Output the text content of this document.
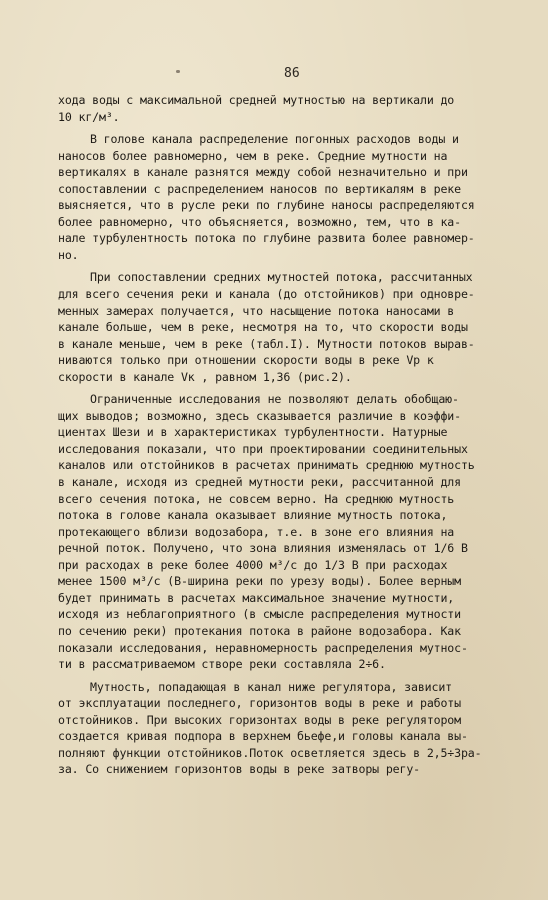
86

хода воды с максимальной средней мутностью на вертикали до
10 кг/м³.

В голове канала распределение погонных расходов воды и
наносов более равномерно, чем в реке. Средние мутности на
вертикалях в канале разнятся между собой незначительно и при
сопоставлении с распределением наносов по вертикалям в реке
выясняется, что в русле реки по глубине наносы распределяются
более равномерно, что объясняется, возможно, тем, что в ка-
нале турбулентность потока по глубине развита более равномер-
но.

При сопоставлении средних мутностей потока, рассчитанных
для всего сечения реки и канала (до отстойников) при одновре-
менных замерах получается, что насыщение потока наносами в
канале больше, чем в реке, несмотря на то, что скорости воды
в канале меньше, чем в реке (табл.I). Мутности потоков вырав-
ниваются только при отношении скорости воды в реке Vр к
скорости в канале Vк , равном 1,36 (рис.2).

Ограниченные исследования не позволяют делать обобщаю-
щих выводов; возможно, здесь сказывается различие в коэффи-
циентах Шези и в характеристиках турбулентности. Натурные
исследования показали, что при проектировании соединительных
каналов или отстойников в расчетах принимать среднюю мутность
в канале, исходя из средней мутности реки, рассчитанной для
всего сечения потока, не совсем верно. На среднюю мутность
потока в голове канала оказывает влияние мутность потока,
протекающего вблизи водозабора, т.е. в зоне его влияния на
речной поток. Получено, что зона влияния изменялась от 1/6 В
при расходах в реке более 4000 м³/с до 1/3 В при расходах
менее 1500 м³/с (В-ширина реки по урезу воды). Более верным
будет принимать в расчетах максимальное значение мутности,
исходя из неблагоприятного (в смысле распределения мутности
по сечению реки) протекания потока в районе водозабора. Как
показали исследования, неравномерность распределения мутнос-
ти в рассматриваемом створе реки составляла 2÷6.

Мутность, попадающая в канал ниже регулятора, зависит
от эксплуатации последнего, горизонтов воды в реке и работы
отстойников. При высоких горизонтах воды в реке регулятором
создается кривая подпора в верхнем бьефе,и головы канала вы-
полняют функции отстойников.Поток осветляется здесь в 2,5÷3ра-
за. Со снижением горизонтов воды в реке затворы регу-
